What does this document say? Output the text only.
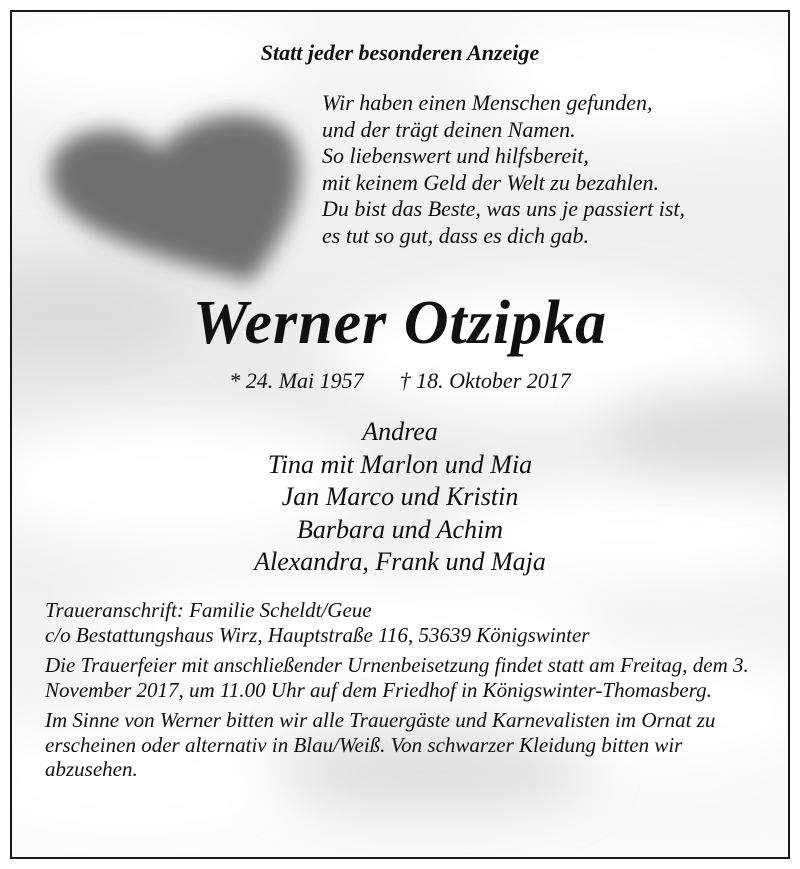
Statt jeder besonderen Anzeige
Wir haben einen Menschen gefunden,
und der trägt deinen Namen.
So liebenswert und hilfsbereit,
mit keinem Geld der Welt zu bezahlen.
Du bist das Beste, was uns je passiert ist,
es tut so gut, dass es dich gab.
Werner Otzipka
* 24. Mai 1957 † 18. Oktober 2017
Andrea
Tina mit Marlon und Mia
Jan Marco und Kristin
Barbara und Achim
Alexandra, Frank und Maja

Traueranschrift: Familie Scheldt/Geue
c/o Bestattungshaus Wirz, Hauptstraße 116, 53639 Königswinter

Die Trauerfeier mit anschließender Urnenbeisetzung findet statt am Freitag, dem 3. November 2017, um 11.00 Uhr auf dem Friedhof in Königswinter-Thomasberg.

Im Sinne von Werner bitten wir alle Trauergäste und Karnevalisten im Ornat zu erscheinen oder alternativ in Blau/Weiß. Von schwarzer Kleidung bitten wir abzusehen.
